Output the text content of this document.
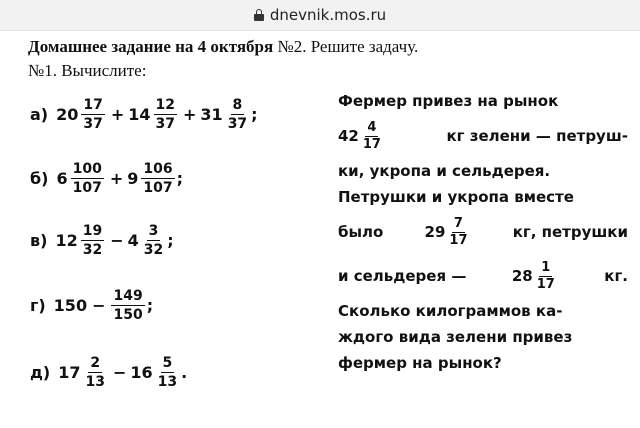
dnevnik.mos.ru
Домашнее задание на 4 октября №2. Решите задачу.
№1. Вычислите:
а) $20 \frac{17}{37} + 14 \frac{12}{37} + 31 \frac{8}{37}$ ;
б) $6 \frac{100}{107} + 9 \frac{106}{107}$ ;
в) $12 \frac{19}{32} - 4 \frac{3}{32}$ ;
г) $150 - \frac{149}{150}$ ;
д) $17 \frac{2}{13} - 16 \frac{5}{13}$ .
Фермер привез на рынок
$42 \frac{4}{17}$	кг зелени — петруш-
ки, укропа и сельдерея.
Петрушки и укропа вместе
было	$29 \frac{7}{17}$	кг, петрушки
и сельдерея —	$28 \frac{1}{17}$	кг.
Сколько килограммов ка-
ждого вида зелени привез
фермер на рынок?
